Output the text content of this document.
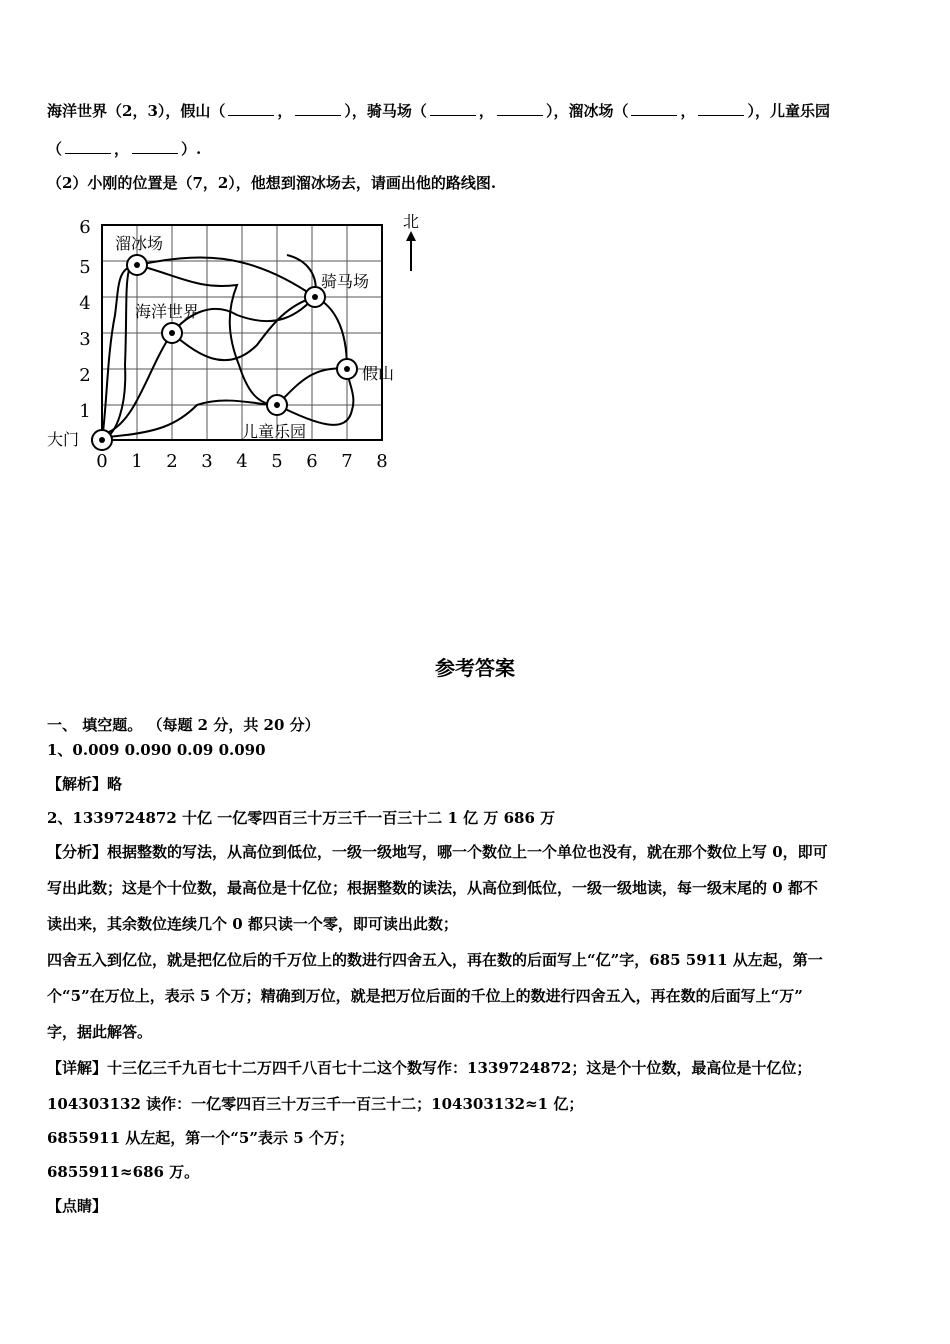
海洋世界（2，3），假山（	，	），骑马场（	，	），溜冰场（	，	），儿童乐园
（	，	）.
（2）小刚的位置是（7，2），他想到溜冰场去，请画出他的路线图.
0 1 2 3 4 5 6 7 8
1
2
3
4
5
6
大门
溜冰场
海洋世界
骑马场
假山
儿童乐园
北
参考答案
一、 填空题。 （每题 2 分，共 20 分）
1、0.009 0.090 0.09 0.090
【解析】略
2、1339724872 十亿 一亿零四百三十万三千一百三十二 1 亿 万 686 万
【分析】根据整数的写法，从高位到低位，一级一级地写，哪一个数位上一个单位也没有，就在那个数位上写 0，即可
写出此数；这是个十位数，最高位是十亿位；根据整数的读法，从高位到低位，一级一级地读，每一级末尾的 0 都不
读出来，其余数位连续几个 0 都只读一个零，即可读出此数；
四舍五入到亿位，就是把亿位后的千万位上的数进行四舍五入，再在数的后面写上“亿”字，685 5911 从左起，第一
个“5”在万位上，表示 5 个万；精确到万位，就是把万位后面的千位上的数进行四舍五入，再在数的后面写上“万”
字，据此解答。
【详解】十三亿三千九百七十二万四千八百七十二这个数写作：1339724872；这是个十位数，最高位是十亿位；
104303132 读作：一亿零四百三十万三千一百三十二；104303132≈1 亿；
6855911 从左起，第一个“5”表示 5 个万；
6855911≈686 万。
【点睛】
